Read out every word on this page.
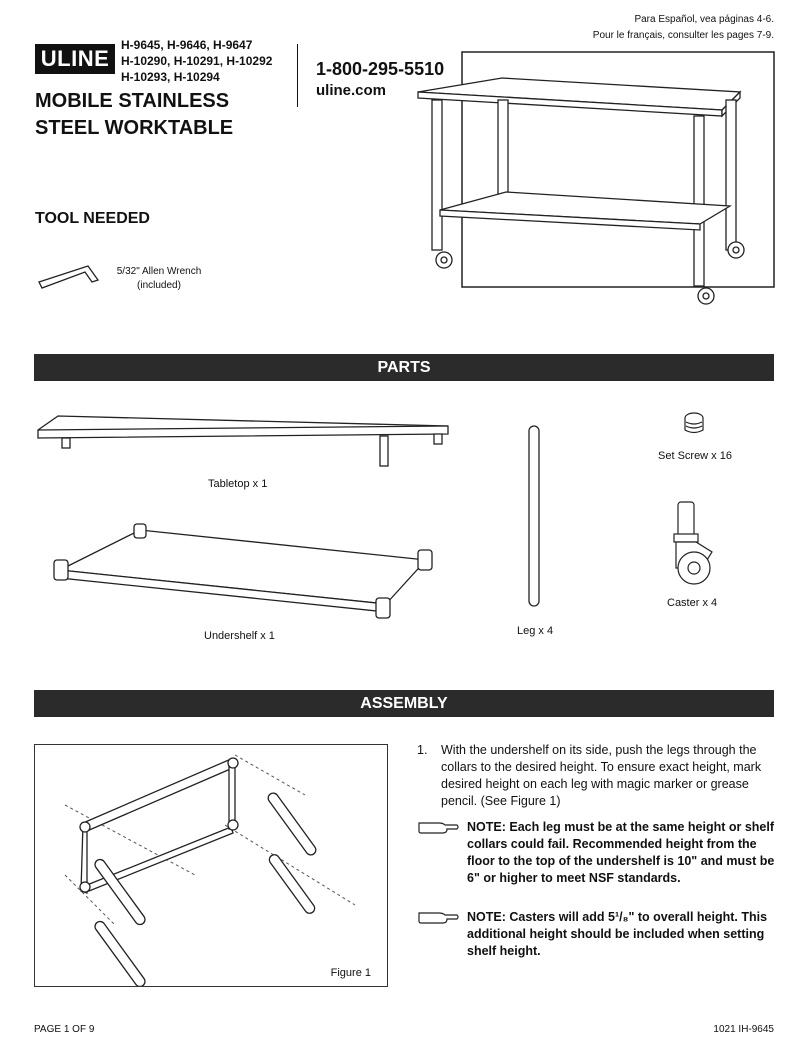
ULINE
H-9645, H-9646, H-9647
H-10290, H-10291, H-10292
H-10293, H-10294
MOBILE STAINLESS
STEEL WORKTABLE
1-800-295-5510
uline.com
Para Español, vea páginas 4-6.
Pour le français, consulter les pages 7-9.
TOOL NEEDED
5/32" Allen Wrench
(included)
PARTS
Tabletop x 1
Undershelf x 1	Leg x 4
Set Screw x 16
Caster x 4
ASSEMBLY
Figure 1
1. With the undershelf on its side, push the legs through the collars to the desired height. To ensure exact height, mark desired height on each leg with magic marker or grease pencil. (See Figure 1)
NOTE: Each leg must be at the same height or shelf collars could fail. Recommended height from the floor to the top of the undershelf is 10" and must be 6" or higher to meet NSF standards.
NOTE: Casters will add 5¹/₈" to overall height. This additional height should be included when setting shelf height.
PAGE 1 OF 9	1021 IH-9645
